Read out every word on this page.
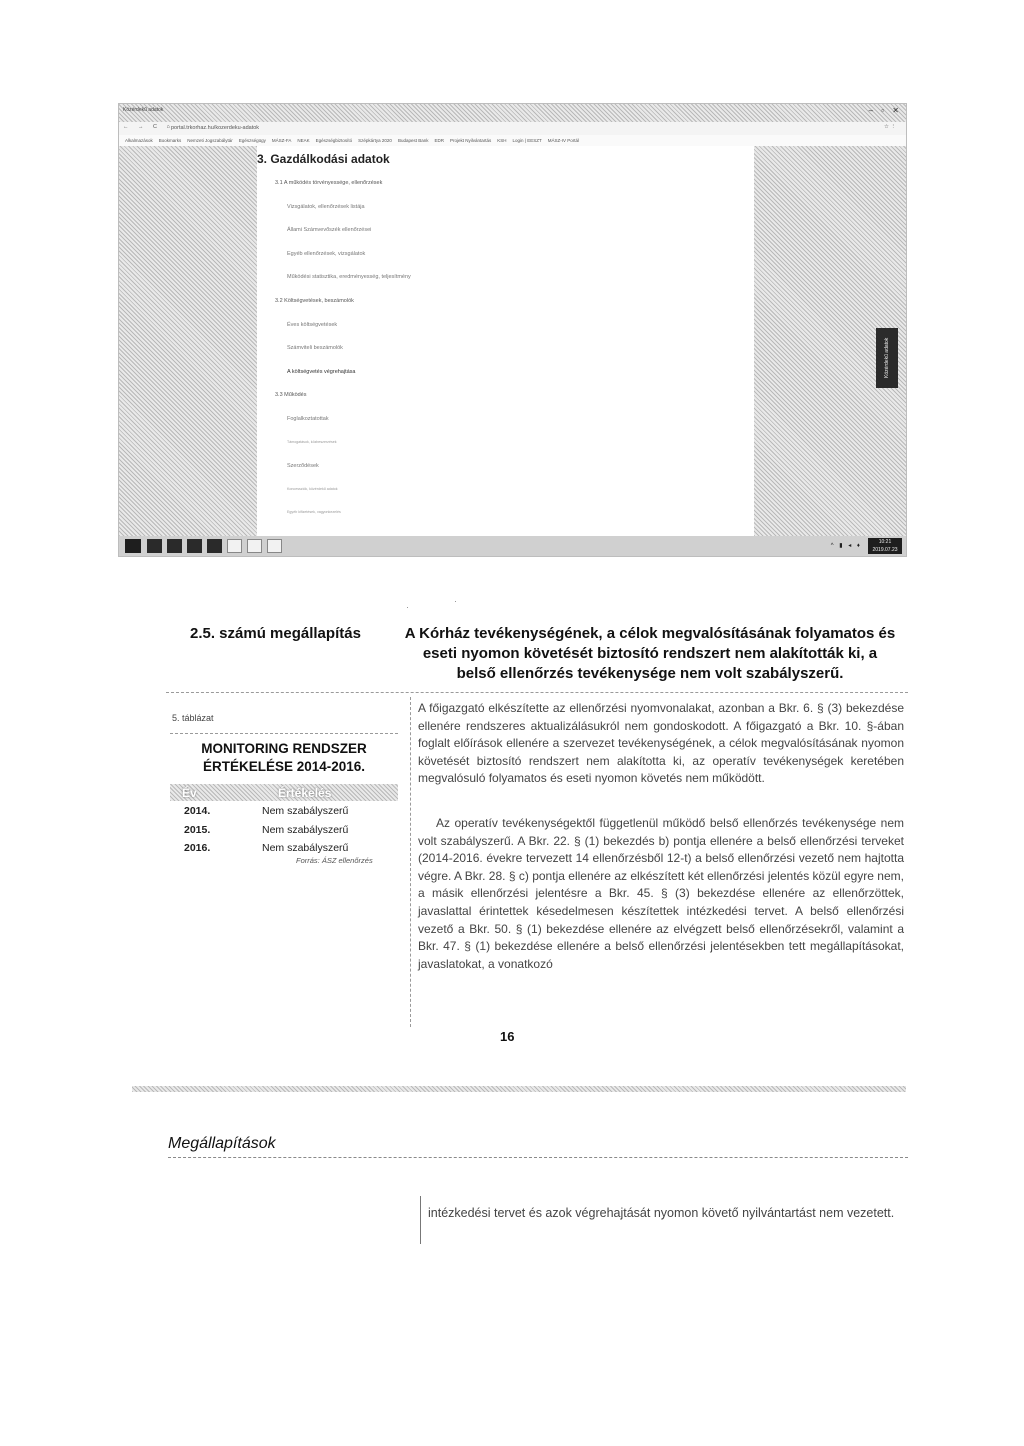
Közérdekű adatok	– ▫ ✕
← → C ⌂
portal.trkorhaz.hu/kozerdeku-adatok	☆ ⋮
Alkalmazások Bookmarks Nemzeti Jogszabálytár Egészségügy MÁSZ-FA NEAK Egészségbiztosító Szépkártya 2020 Budapest Bank EDR Projekt Nyilvántartás KSH Login | EESZT MÁSZ-IV Portál
3. Gazdálkodási adatok
3.1 A működés törvényessége, ellenőrzések
Vizsgálatok, ellenőrzések listája
Állami Számvevőszék ellenőrzései
Egyéb ellenőrzések, vizsgálatok
Működési statisztika, eredményesség, teljesítmény
3.2 Költségvetések, beszámolók
Éves költségvetések
Számviteli beszámolók
A költségvetés végrehajtása
3.3 Működés
Foglalkoztatottak
Támogatások, közbeszerzések
Szerződések
Koncessziók, közérdekű adatok
Egyéb kifizetések, vagyonkezelés
Közérdekű adatok
^ ▮ ◂ ♦
10:21
2019.07.23
·
·
2.5. számú megállapítás	A Kórház tevékenységének, a célok megvalósításának folyamatos és eseti nyomon követését biztosító rendszert nem alakították ki, a belső ellenőrzés tevékenysége nem volt szabályszerű.

5. táblázat
MONITORING RENDSZER ÉRTÉKELÉSE 2014-2016.
Év	Értékelés
2014.	Nem szabályszerű
2015.	Nem szabályszerű
2016.	Nem szabályszerű
Forrás: ÁSZ ellenőrzés

A főigazgató elkészítette az ellenőrzési nyomvonalakat, azonban a Bkr. 6. § (3) bekezdése ellenére rendszeres aktualizálásukról nem gondoskodott. A főigazgató a Bkr. 10. §-ában foglalt előírások ellenére a szervezet tevékenységének, a célok megvalósításának nyomon követését biztosító rendszert nem alakította ki, az operatív tevékenységek keretében megvalósuló folyamatos és eseti nyomon követés nem működött.

Az operatív tevékenységektől függetlenül működő belső ellenőrzés tevékenysége nem volt szabályszerű. A Bkr. 22. § (1) bekezdés b) pontja ellenére a belső ellenőrzési terveket (2014-2016. évekre tervezett 14 ellenőrzésből 12-t) a belső ellenőrzési vezető nem hajtotta végre. A Bkr. 28. § c) pontja ellenére az elkészített két ellenőrzési jelentés közül egyre nem, a másik ellenőrzési jelentésre a Bkr. 45. § (3) bekezdése ellenére az ellenőrzöttek, javaslattal érintettek késedelmesen készítettek intézkedési tervet. A belső ellenőrzési vezető a Bkr. 50. § (1) bekezdése ellenére az elvégzett belső ellenőrzésekről, valamint a Bkr. 47. § (1) bekezdése ellenére a belső ellenőrzési jelentésekben tett megállapításokat, javaslatokat, a vonatkozó

16
Megállapítások

intézkedési tervet és azok végrehajtását nyomon követő nyilvántartást nem vezetett.
